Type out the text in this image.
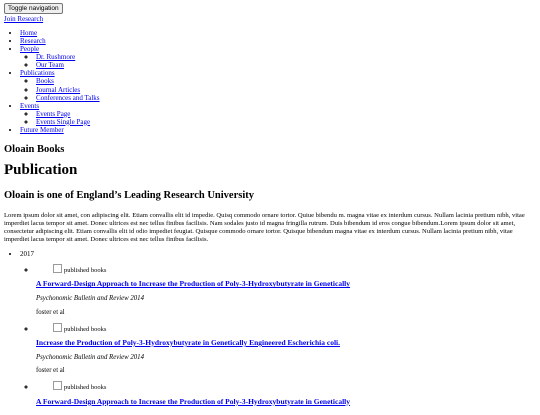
Toggle navigation
Join Research
• Home
• Research
• People
◦ Dr. Rushmore
◦ Our Team
• Publications
◦ Books
◦ Journal Articles
◦ Conferences and Talks
• Events
◦ Events Page
◦ Events Single Page
• Future Member
Oloain Books
Publication
Oloain is one of England’s Leading Research University

Lorem ipsum dolor sit amet, con adipiscing elit. Etiam convallis elit id impedie. Quisq commodo ornare tortor. Quiue bibendu m. magna vitae ex interdum cursus. Nullam lacinia pretium nibh, vitae imperdiet lacus tempor sit amet. Donec ultrices est nec tellus finibus facilisis. Nam sodales justo id magna fringilla rutrum. Duis bibendum id eros congue bibendum.Lorem ipsum dolor sit amet, consectetur adipiscing elit. Etiam convallis elit id odio impediet feugiat. Quisque commodo ornare tortor. Quisque bibendum magna vitae ex interdum cursus. Nullam lacinia pretium nibh, vitae imperdiet lacus tempor sit amet. Donec ultrices est nec tellus finibus facilisis.

• 2017
◦ published books
A Forward-Design Approach to Increase the Production of Poly-3-Hydroxybutyrate in Genetically
Psychonomic Bulletin and Review 2014
foster et al
◦ published books
Increase the Production of Poly-3-Hydroxybutyrate in Genetically Engineered Escherichia coli.
Psychonomic Bulletin and Review 2014
foster et al
◦ published books
A Forward-Design Approach to Increase the Production of Poly-3-Hydroxybutyrate in Genetically
